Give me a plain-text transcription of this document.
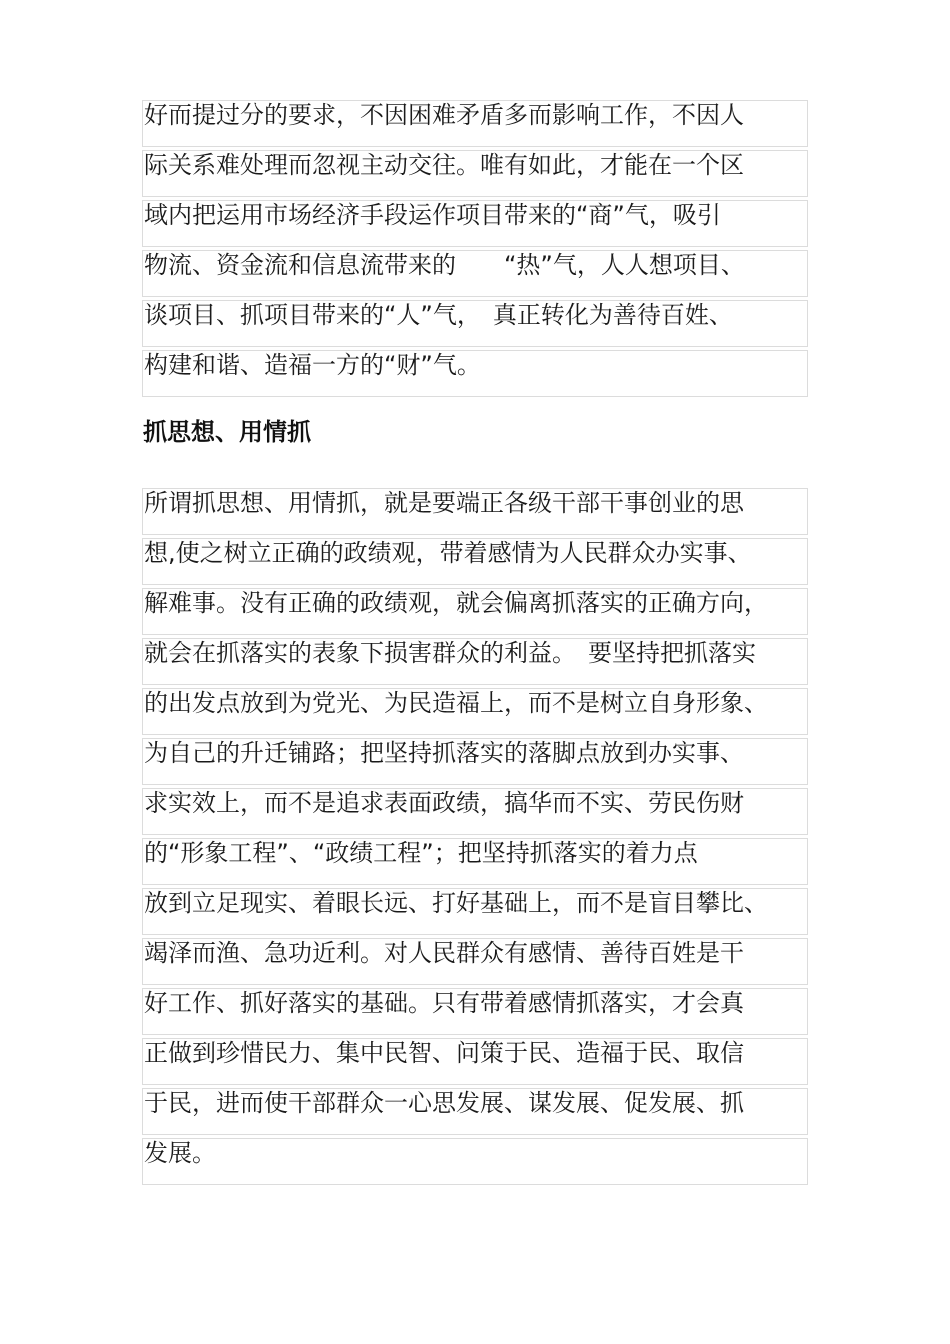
好而提过分的要求，不因困难矛盾多而影响工作，不因人
际关系难处理而忽视主动交往。唯有如此，才能在一个区
域内把运用市场经济手段运作项目带来的“商”气，吸引
物流、资金流和信息流带来的　　“热”气，人人想项目、
谈项目、抓项目带来的“人”气，　真正转化为善待百姓、
构建和谐、造福一方的“财”气。
抓思想、用情抓
所谓抓思想、用情抓，就是要端正各级干部干事创业的思
想,使之树立正确的政绩观，带着感情为人民群众办实事、
解难事。没有正确的政绩观，就会偏离抓落实的正确方向，
就会在抓落实的表象下损害群众的利益。　要坚持把抓落实
的出发点放到为党光、为民造福上，而不是树立自身形象、
为自己的升迁铺路；把坚持抓落实的落脚点放到办实事、
求实效上，而不是追求表面政绩，搞华而不实、劳民伤财
的“形象工程”、“政绩工程”；把坚持抓落实的着力点
放到立足现实、着眼长远、打好基础上，而不是盲目攀比、
竭泽而渔、急功近利。对人民群众有感情、善待百姓是干
好工作、抓好落实的基础。只有带着感情抓落实，才会真
正做到珍惜民力、集中民智、问策于民、造福于民、取信
于民，进而使干部群众一心思发展、谋发展、促发展、抓
发展。
